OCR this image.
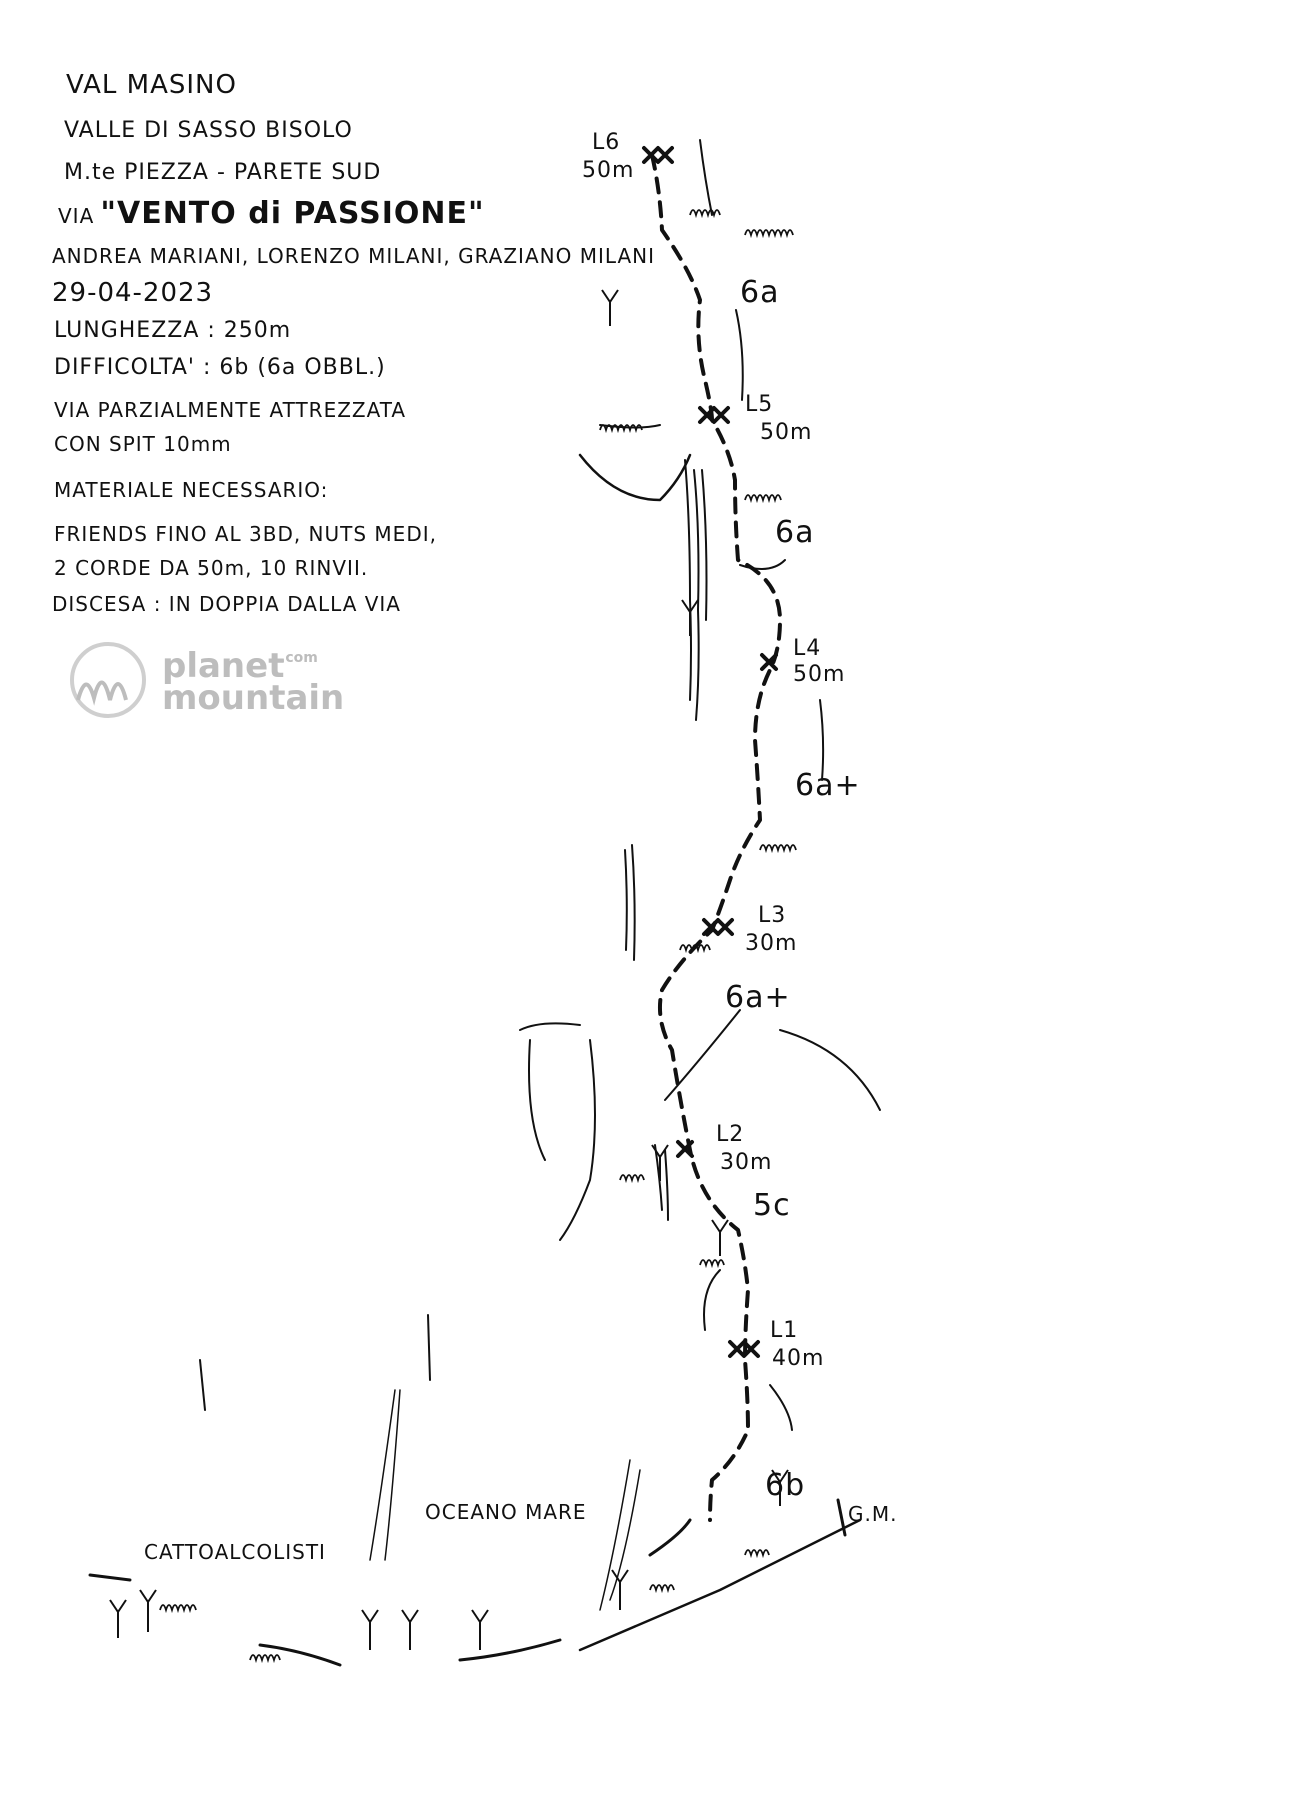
VAL MASINO
VALLE DI SASSO BISOLO
M.te PIEZZA - PARETE SUD
VIA "VENTO di PASSIONE"
ANDREA MARIANI, LORENZO MILANI, GRAZIANO MILANI
29-04-2023
LUNGHEZZA : 250m
DIFFICOLTA' : 6b (6a OBBL.)
VIA PARZIALMENTE ATTREZZATA
CON SPIT 10mm
MATERIALE NECESSARIO:
FRIENDS FINO AL 3BD, NUTS MEDI,
2 CORDE DA 50m, 10 RINVII.
DISCESA : IN DOPPIA DALLA VIA
planet
mountain
.com
L6
50m
L5
50m
L4
50m
L3
30m
L2
30m
L1
40m
6a
6a
6a+
6a+
5c
6b
CATTOALCOLISTI
OCEANO MARE	G.M.
